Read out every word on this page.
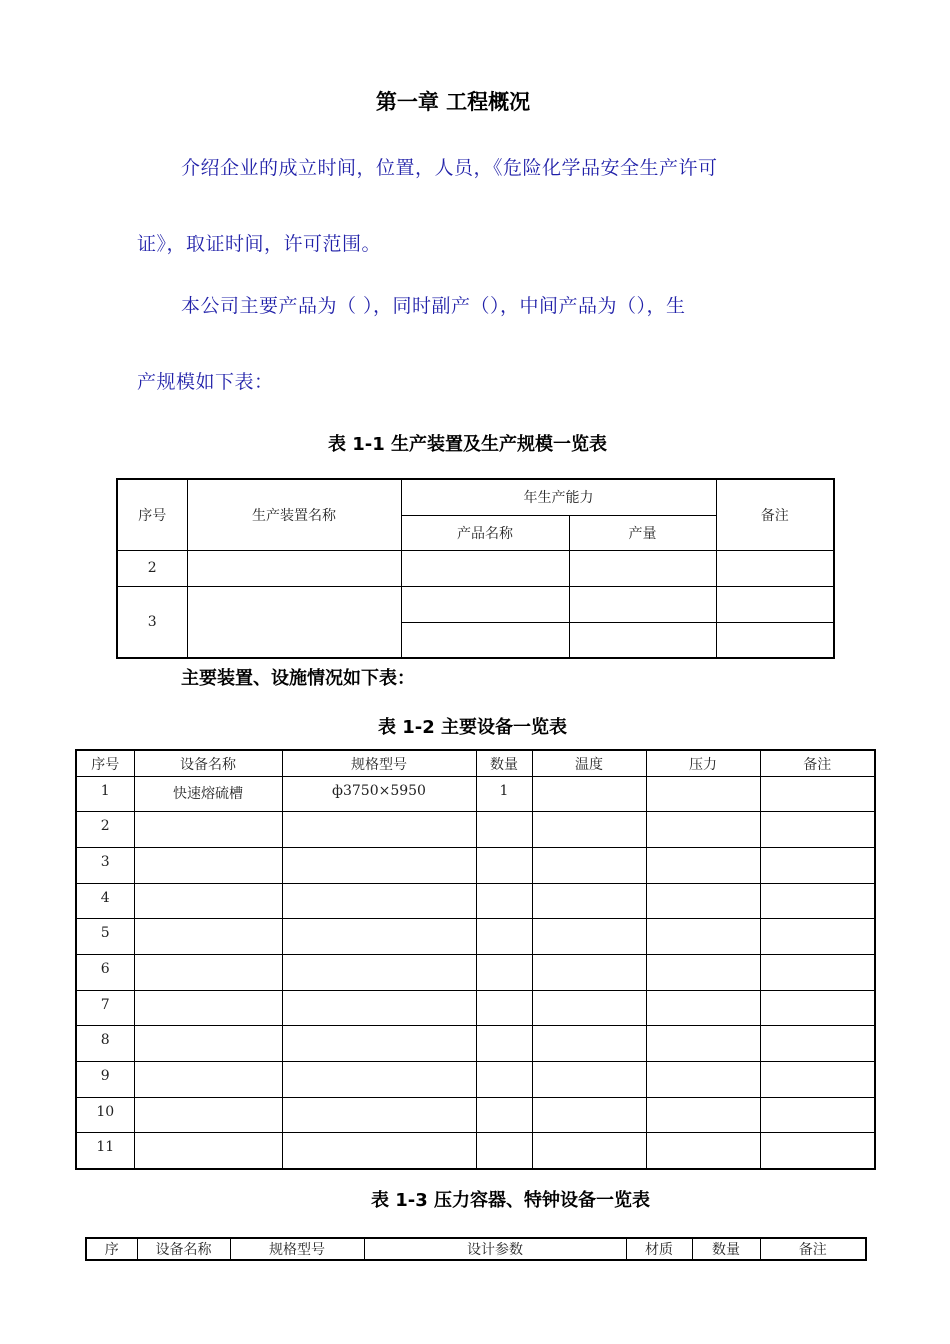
第一章 工程概况
介绍企业的成立时间，位置，人员，《危险化学品安全生产许可
证》，取证时间，许可范围。
本公司主要产品为（ ），同时副产（），中间产品为（），生
产规模如下表：
表 1-1 生产装置及生产规模一览表
序号	生产装置名称	年生产能力		备注
		产品名称	产量	
2				
3				

主要装置、设施情况如下表：
表 1-2 主要设备一览表
序号	设备名称	规格型号	数量	温度	压力	备注
1	快速熔硫槽	ф3750×5950	1			
2						
3						
4						
5						
6						
7						
8						
9						
10						
11						
表 1-3 压力容器、特钟设备一览表
序	设备名称	规格型号	设计参数	材质	数量	备注
